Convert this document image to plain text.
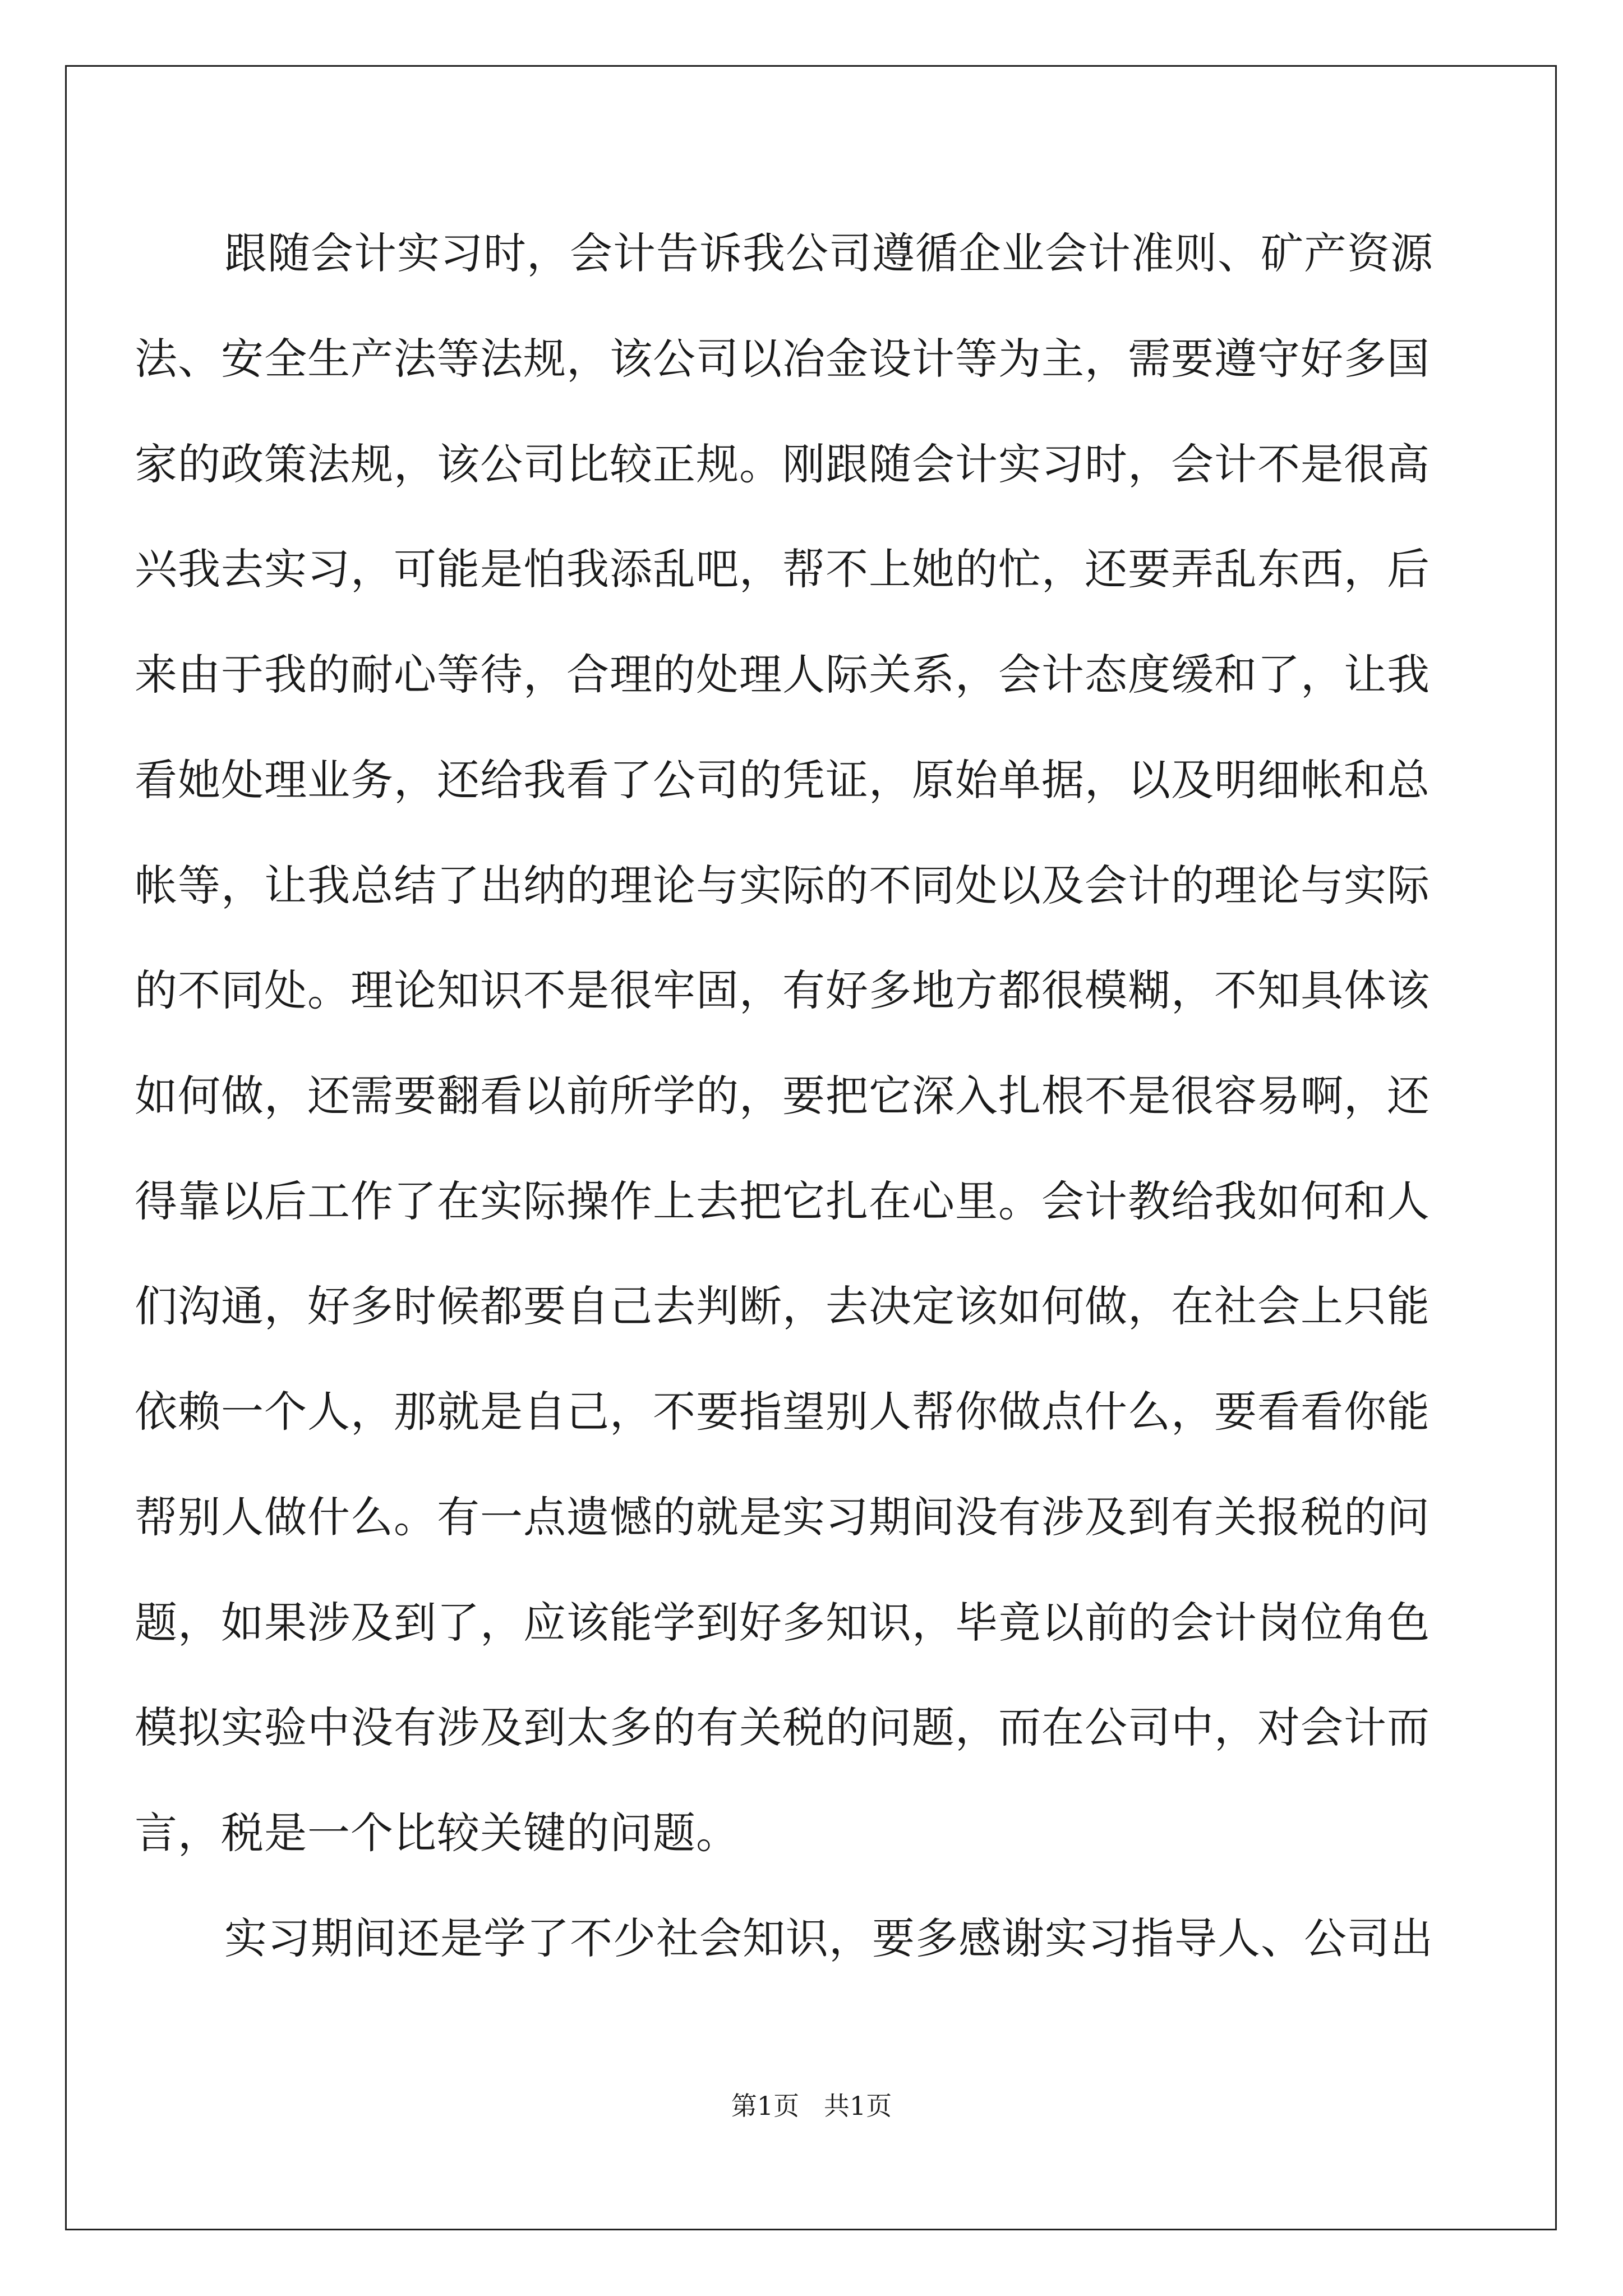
跟随会计实习时，会计告诉我公司遵循企业会计准则、矿产资源
法、安全生产法等法规，该公司以冶金设计等为主，需要遵守好多国
家的政策法规，该公司比较正规。刚跟随会计实习时，会计不是很高
兴我去实习，可能是怕我添乱吧，帮不上她的忙，还要弄乱东西，后
来由于我的耐心等待，合理的处理人际关系，会计态度缓和了，让我
看她处理业务，还给我看了公司的凭证，原始单据，以及明细帐和总
帐等，让我总结了出纳的理论与实际的不同处以及会计的理论与实际
的不同处。理论知识不是很牢固，有好多地方都很模糊，不知具体该
如何做，还需要翻看以前所学的，要把它深入扎根不是很容易啊，还
得靠以后工作了在实际操作上去把它扎在心里。会计教给我如何和人
们沟通，好多时候都要自己去判断，去决定该如何做，在社会上只能
依赖一个人，那就是自己，不要指望别人帮你做点什么，要看看你能
帮别人做什么。有一点遗憾的就是实习期间没有涉及到有关报税的问
题，如果涉及到了，应该能学到好多知识，毕竟以前的会计岗位角色
模拟实验中没有涉及到太多的有关税的问题，而在公司中，对会计而
言，税是一个比较关键的问题。
实习期间还是学了不少社会知识，要多感谢实习指导人、公司出
第1页   共1页
